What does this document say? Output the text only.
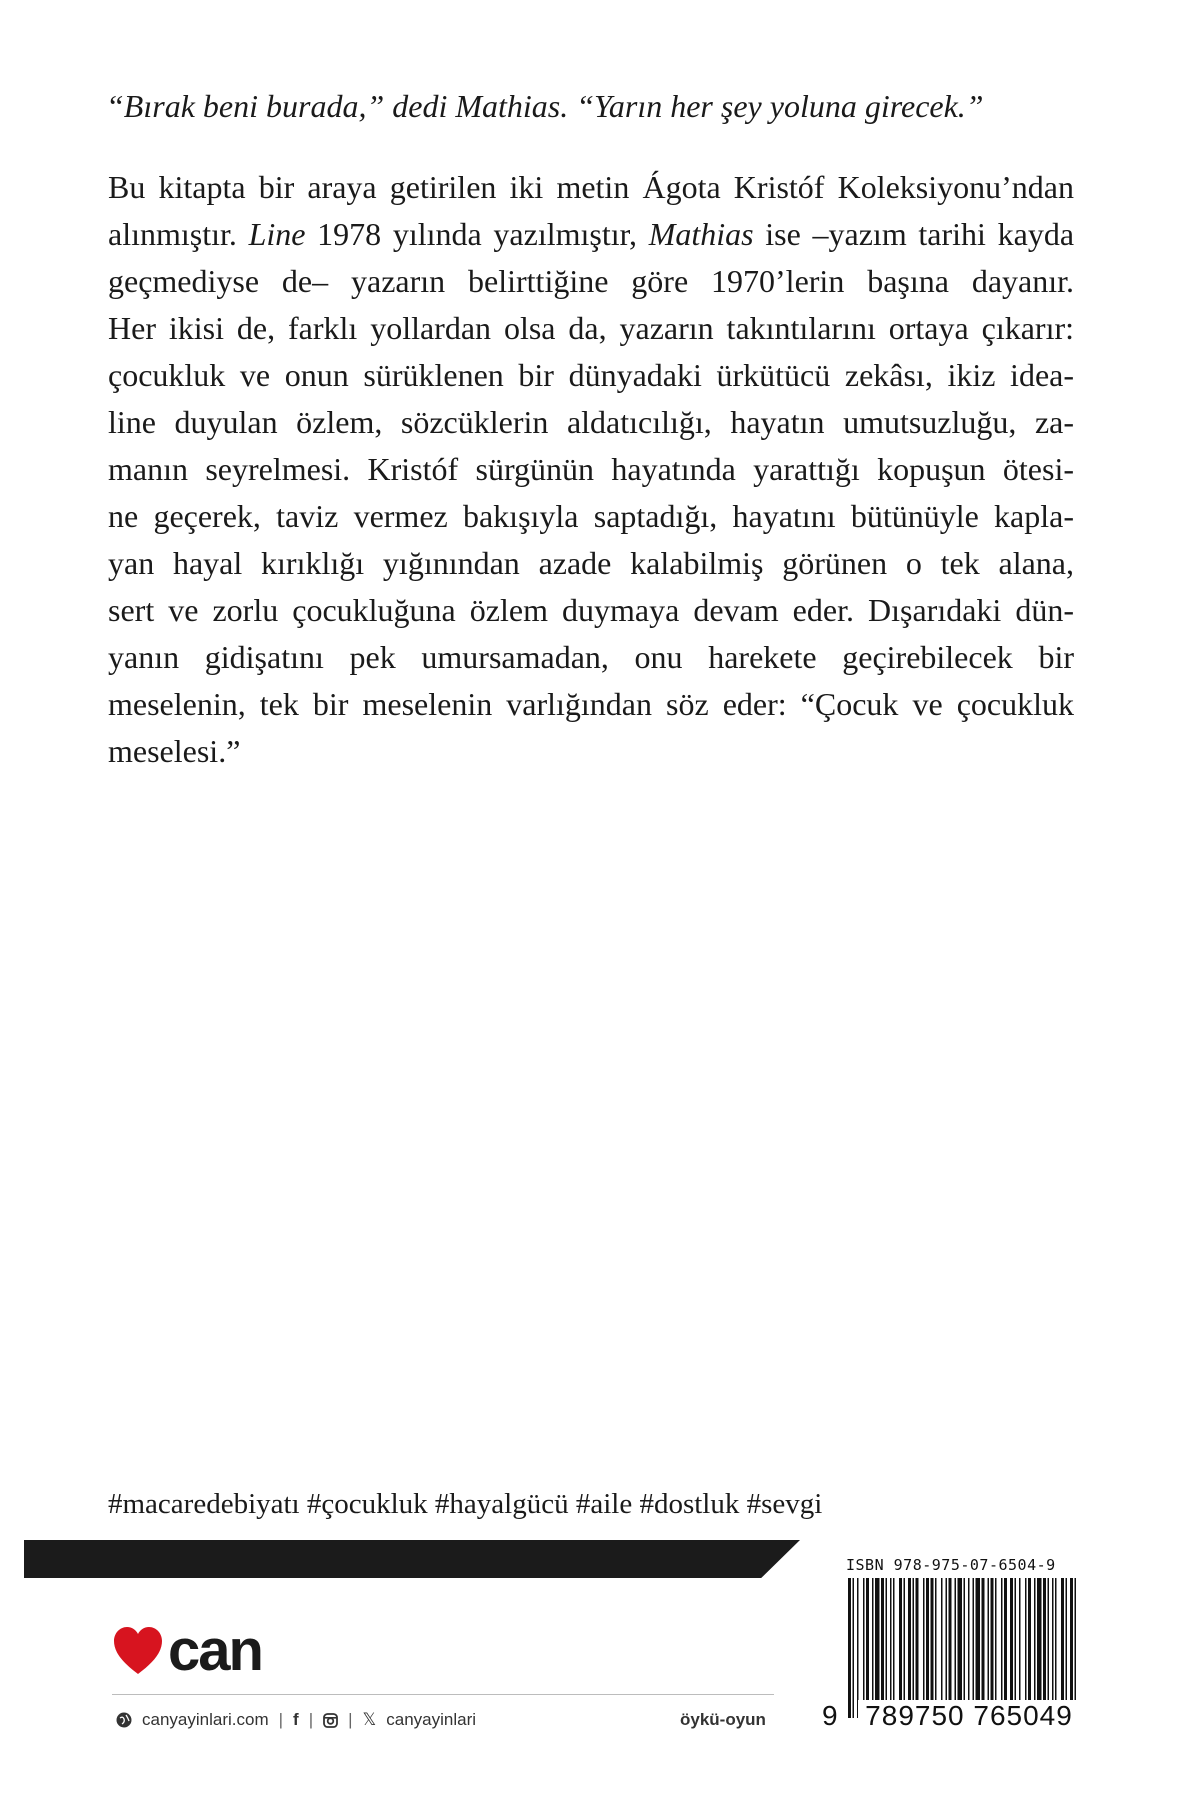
“Bırak beni burada,” dedi Mathias. “Yarın her şey yoluna girecek.”

Bu kitapta bir araya getirilen iki metin Ágota Kristóf Koleksiyonu’ndan
alınmıştır. Line 1978 yılında yazılmıştır, Mathias ise –yazım tarihi kayda
geçmediyse de– yazarın belirttiğine göre 1970’lerin başına dayanır.
Her ikisi de, farklı yollardan olsa da, yazarın takıntılarını ortaya çıkarır:
çocukluk ve onun sürüklenen bir dünyadaki ürkütücü zekâsı, ikiz idea-
line duyulan özlem, sözcüklerin aldatıcılığı, hayatın umutsuzluğu, za-
manın seyrelmesi. Kristóf sürgünün hayatında yarattığı kopuşun ötesi-
ne geçerek, taviz vermez bakışıyla saptadığı, hayatını bütünüyle kapla-
yan hayal kırıklığı yığınından azade kalabilmiş görünen o tek alana,
sert ve zorlu çocukluğuna özlem duymaya devam eder. Dışarıdaki dün-
yanın gidişatını pek umursamadan, onu harekete geçirebilecek bir
meselenin, tek bir meselenin varlığından söz eder: “Çocuk ve çocukluk
meselesi.”

#macaredebiyatı #çocukluk #hayalgücü #aile #dostluk #sevgi

can
canyayinlari.com | f | | 𝕏 canyayinlari	öykü-oyun
ISBN 978-975-07-6504-9
9 789750 765049
